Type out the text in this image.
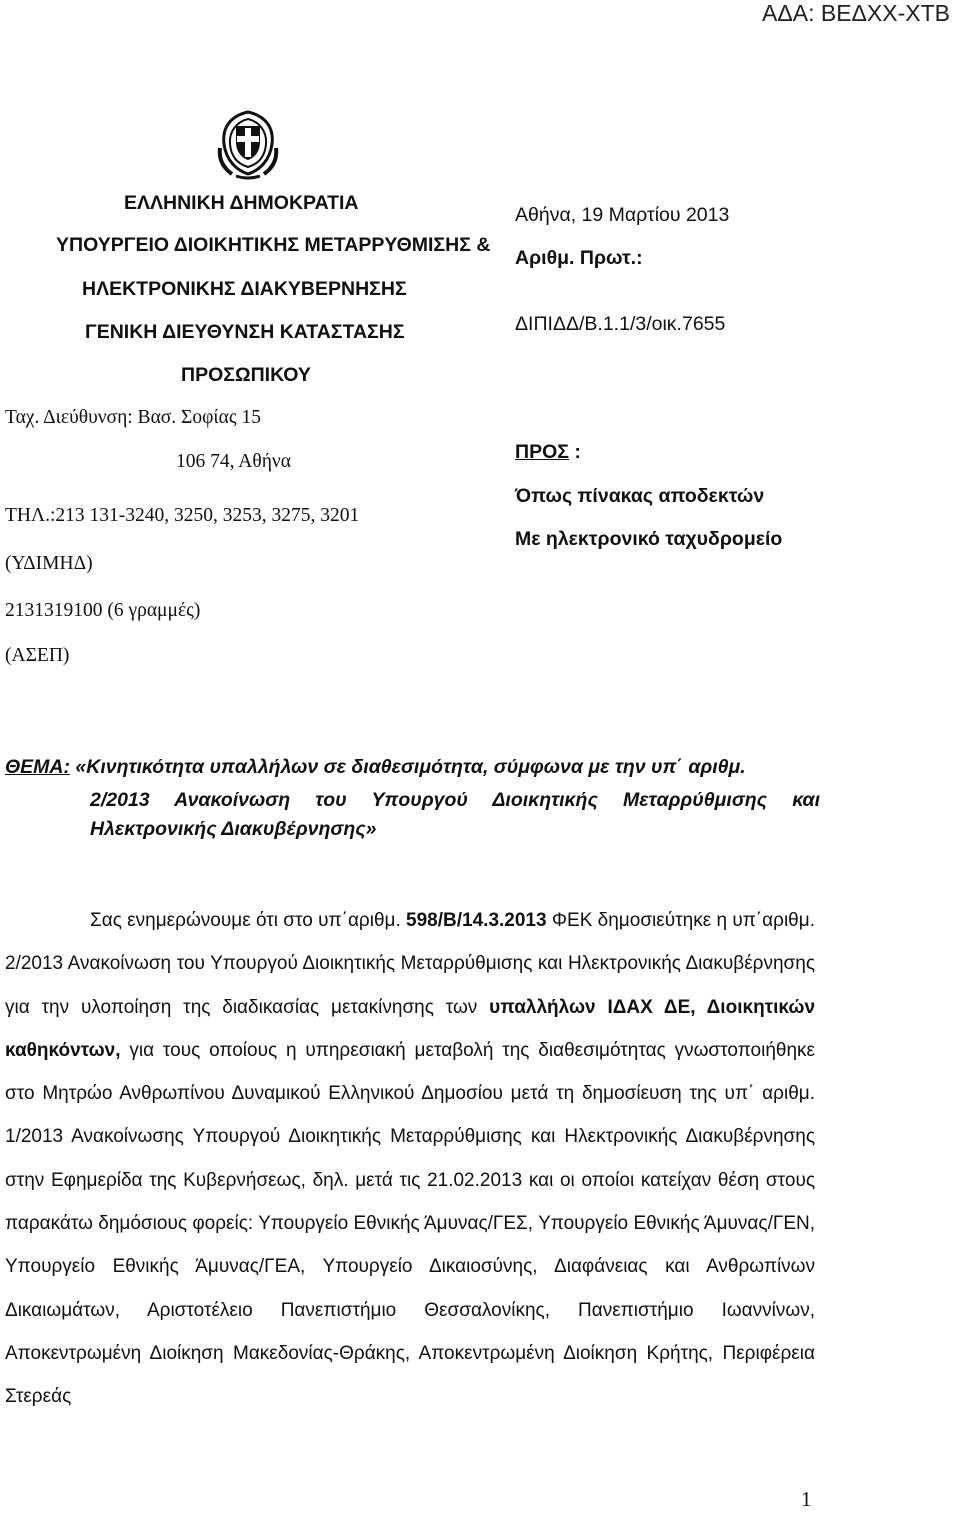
ΑΔΑ: ΒΕΔΧΧ-ΧΤΒ
ΕΛΛΗΝΙΚΗ ΔΗΜΟΚΡΑΤΙΑ
ΥΠΟΥΡΓΕΙΟ ΔΙΟΙΚΗΤΙΚΗΣ ΜΕΤΑΡΡΥΘΜΙΣΗΣ &
ΗΛΕΚΤΡΟΝΙΚΗΣ ΔΙΑΚΥΒΕΡΝΗΣΗΣ
ΓΕΝΙΚΗ ΔΙΕΥΘΥΝΣΗ ΚΑΤΑΣΤΑΣΗΣ
ΠΡΟΣΩΠΙΚΟΥ
Ταχ. Διεύθυνση: Βασ. Σοφίας 15
106 74, Αθήνα
ΤΗΛ.:213 131-3240, 3250, 3253, 3275, 3201
(ΥΔΙΜΗΔ)
2131319100 (6 γραμμές)
(ΑΣΕΠ)
Αθήνα, 19 Μαρτίου 2013
Αριθμ. Πρωτ.:
ΔΙΠΙΔΔ/Β.1.1/3/οικ.7655
ΠΡΟΣ :
Όπως πίνακας αποδεκτών
Με ηλεκτρονικό ταχυδρομείο
ΘΕΜΑ: «Κινητικότητα υπαλλήλων σε διαθεσιμότητα, σύμφωνα με την υπ΄ αριθμ.
2/2013 Ανακοίνωση του Υπουργού Διοικητικής Μεταρρύθμισης και Ηλεκτρονικής Διακυβέρνησης»
Σας ενημερώνουμε ότι στο υπ΄αριθμ. 598/Β/14.3.2013 ΦΕΚ δημοσιεύτηκε η υπ΄αριθμ. 2/2013 Ανακοίνωση του Υπουργού Διοικητικής Μεταρρύθμισης και Ηλεκτρονικής Διακυβέρνησης για την υλοποίηση της διαδικασίας μετακίνησης των υπαλλήλων ΙΔΑΧ ΔΕ, Διοικητικών καθηκόντων, για τους οποίους η υπηρεσιακή μεταβολή της διαθεσιμότητας γνωστοποιήθηκε στο Μητρώο Ανθρωπίνου Δυναμικού Ελληνικού Δημοσίου μετά τη δημοσίευση της υπ΄ αριθμ. 1/2013 Ανακοίνωσης Υπουργού Διοικητικής Μεταρρύθμισης και Ηλεκτρονικής Διακυβέρνησης στην Εφημερίδα της Κυβερνήσεως, δηλ. μετά τις 21.02.2013 και οι οποίοι κατείχαν θέση στους παρακάτω δημόσιους φορείς: Υπουργείο Εθνικής Άμυνας/ΓΕΣ, Υπουργείο Εθνικής Άμυνας/ΓΕΝ, Υπουργείο Εθνικής Άμυνας/ΓΕΑ, Υπουργείο Δικαιοσύνης, Διαφάνειας και Ανθρωπίνων Δικαιωμάτων, Αριστοτέλειο Πανεπιστήμιο Θεσσαλονίκης, Πανεπιστήμιο Ιωαννίνων, Αποκεντρωμένη Διοίκηση Μακεδονίας-Θράκης, Αποκεντρωμένη Διοίκηση Κρήτης, Περιφέρεια Στερεάς
1
